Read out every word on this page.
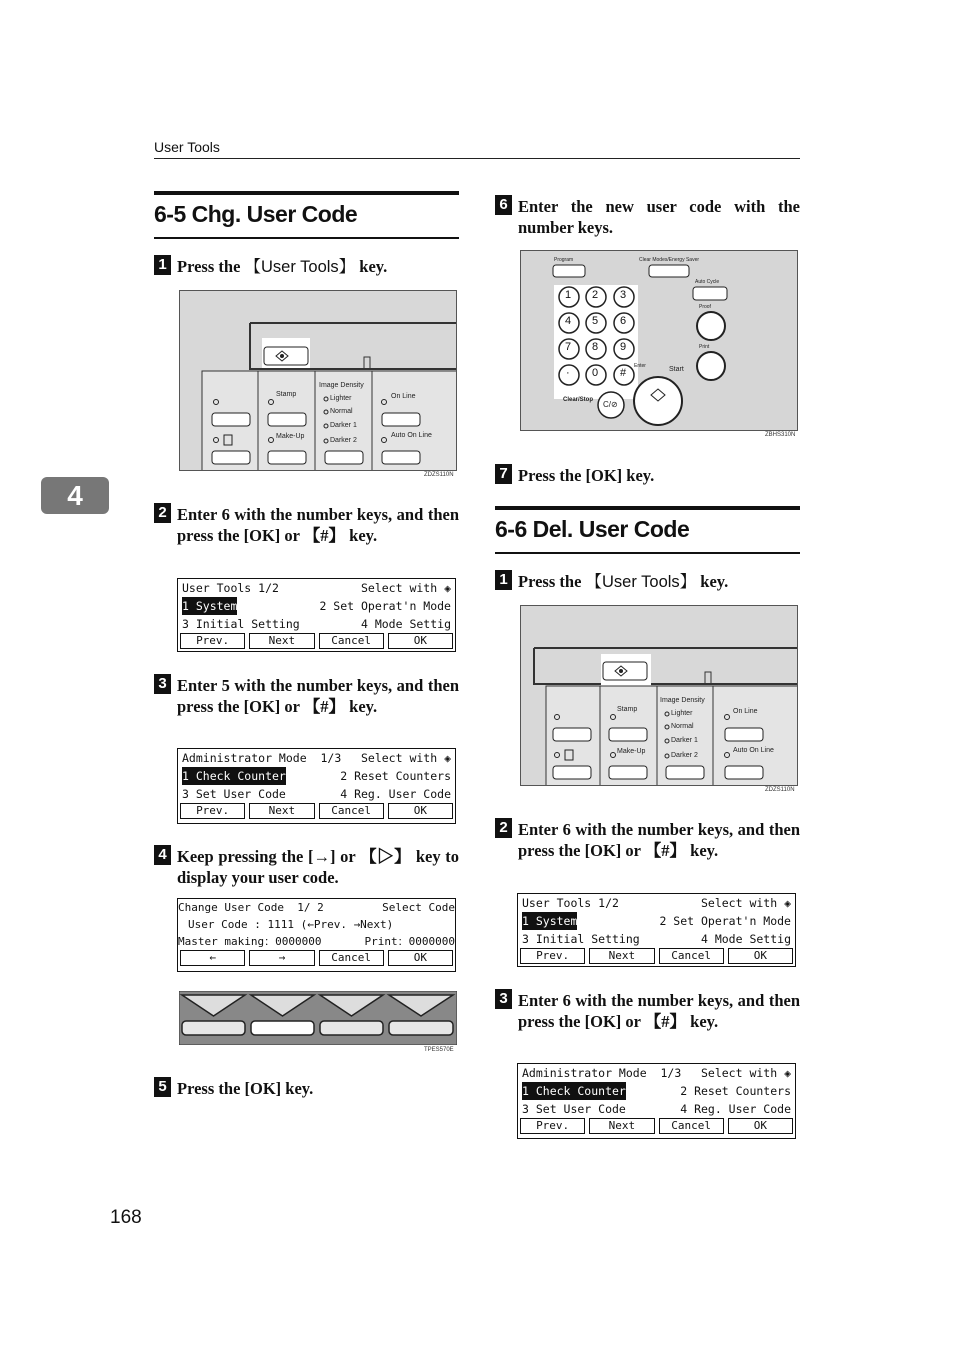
User Tools
4
168
6-5 Chg. User Code
1 Press the 【User Tools】 key.
Stamp
Make-Up
Image Density
Lighter
Normal
Darker 1
Darker 2
On Line
Auto On Line
ZDZS110N
2 Enter 6 with the number keys, and then press the [OK] or 【#】 key.
User Tools 1/2	Select with ◈
1 System	2 Set Operat'n Mode
3 Initial Setting	4 Mode Settig
Prev.	Next	Cancel	OK
3 Enter 5 with the number keys, and then press the [OK] or 【#】 key.
Administrator Mode  1/3 Select with ◈
1 Check Counter	2 Reset Counters
3 Set User Code	4 Reg. User Code
Prev.	Next	Cancel	OK
4 Keep pressing the [→] or 【▷】 key to display your user code.
Change User Code  1/ 2	Select Code
User Code : 1111 (←Prev. →Next)
Master making：0000000	Print：0000000
←	→	Cancel	OK
TPES570E
5 Press the [OK] key.
6 Enter the new user code with the number keys.
1 2 3
4 5 6
7 8 9
· 0 #
Program	Clear Modes/Energy Saver
Auto Cycle
Proof
Print
Start
Enter
Clear/Stop C/⊘
ZBHS310N
7 Press the [OK] key.
6-6 Del. User Code
1 Press the 【User Tools】 key.
Stamp
Make-Up
Image Density
Lighter
Normal
Darker 1
Darker 2
On Line
Auto On Line
ZDZS110N
2 Enter 6 with the number keys, and then press the [OK] or 【#】 key.
User Tools 1/2	Select with ◈
1 System	2 Set Operat'n Mode
3 Initial Setting	4 Mode Settig
Prev.	Next	Cancel	OK
3 Enter 6 with the number keys, and then press the [OK] or 【#】 key.
Administrator Mode  1/3 Select with ◈
1 Check Counter	2 Reset Counters
3 Set User Code	4 Reg. User Code
Prev.	Next	Cancel	OK
